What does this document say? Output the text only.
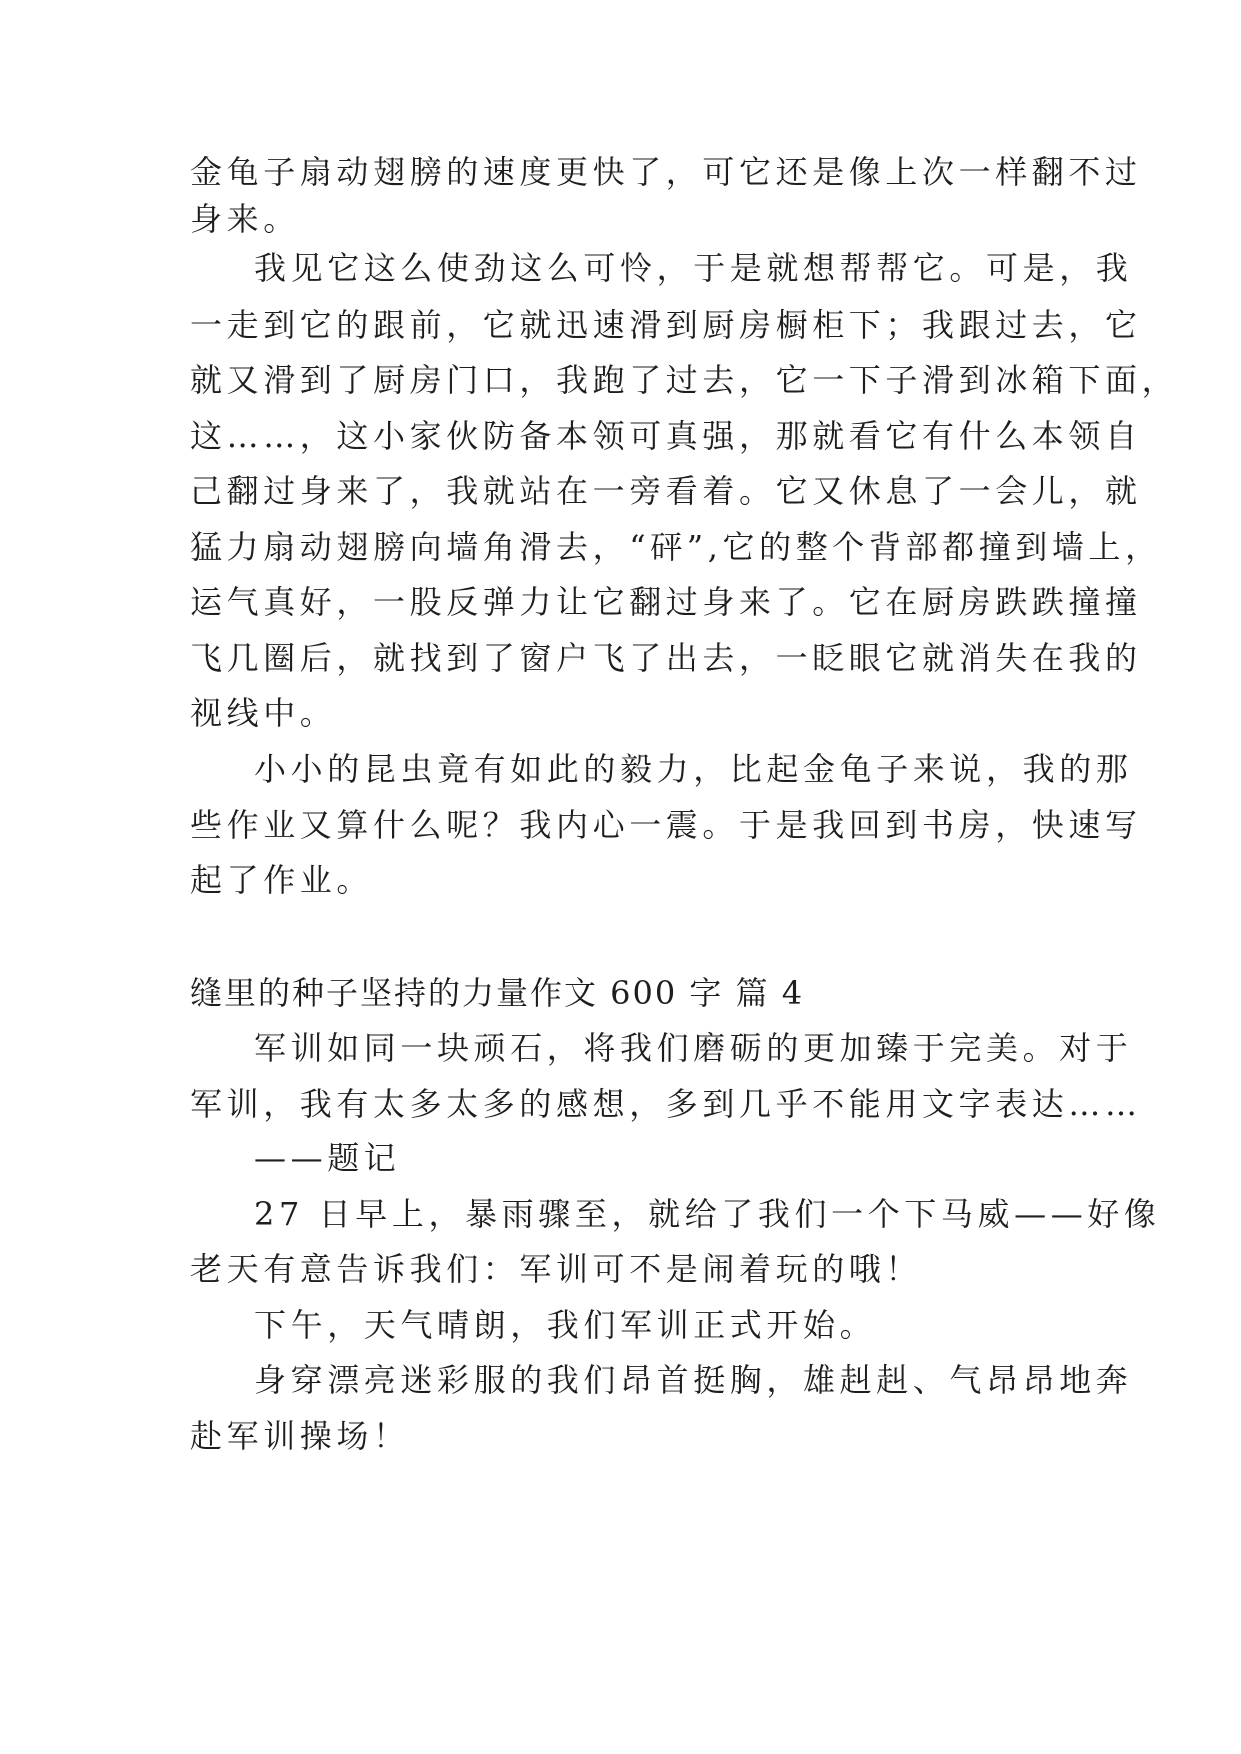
金龟子扇动翅膀的速度更快了，可它还是像上次一样翻不过

身来。

我见它这么使劲这么可怜，于是就想帮帮它。可是，我

一走到它的跟前，它就迅速滑到厨房橱柜下；我跟过去，它

就又滑到了厨房门口，我跑了过去，它一下子滑到冰箱下面，

这……，这小家伙防备本领可真强，那就看它有什么本领自

己翻过身来了，我就站在一旁看着。它又休息了一会儿，就

猛力扇动翅膀向墙角滑去，“砰”,它的整个背部都撞到墙上，

运气真好，一股反弹力让它翻过身来了。它在厨房跌跌撞撞

飞几圈后，就找到了窗户飞了出去，一眨眼它就消失在我的

视线中。

小小的昆虫竟有如此的毅力，比起金龟子来说，我的那

些作业又算什么呢？我内心一震。于是我回到书房，快速写

起了作业。

缝里的种子坚持的力量作文 600 字 篇 4

军训如同一块顽石，将我们磨砺的更加臻于完美。对于

军训，我有太多太多的感想，多到几乎不能用文字表达……

——题记

27 日早上，暴雨骤至，就给了我们一个下马威——好像

老天有意告诉我们：军训可不是闹着玩的哦！

下午，天气晴朗，我们军训正式开始。

身穿漂亮迷彩服的我们昂首挺胸，雄赳赳、气昂昂地奔

赴军训操场！
